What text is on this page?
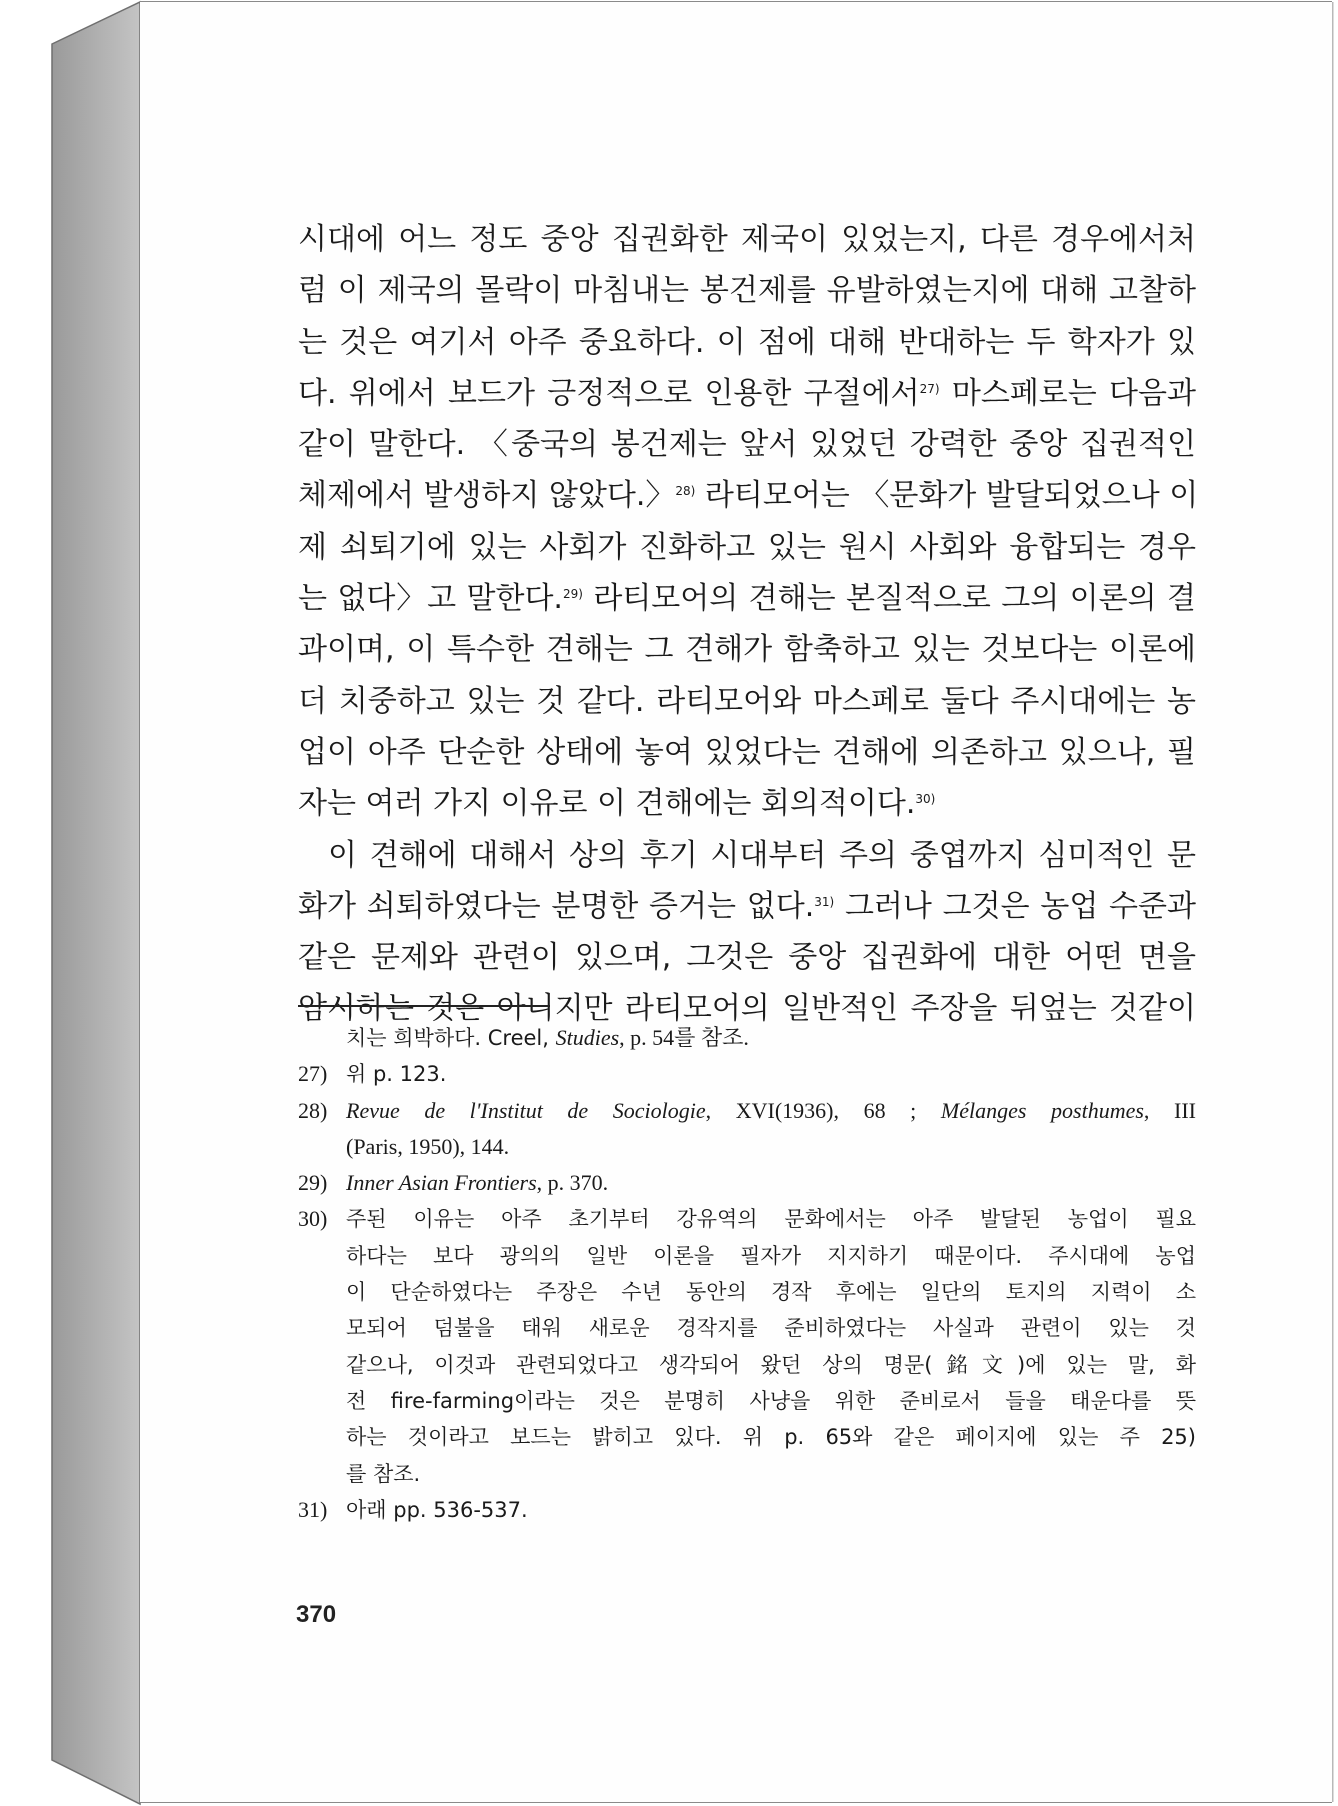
시대에 어느 정도 중앙 집권화한 제국이 있었는지, 다른 경우에서처
럼 이 제국의 몰락이 마침내는 봉건제를 유발하였는지에 대해 고찰하
는 것은 여기서 아주 중요하다. 이 점에 대해 반대하는 두 학자가 있
다. 위에서 보드가 긍정적으로 인용한 구절에서$^{27)}$ 마스페로는 다음과
같이 말한다. 〈중국의 봉건제는 앞서 있었던 강력한 중앙 집권적인
체제에서 발생하지 않았다.〉$^{28)}$ 라티모어는 〈문화가 발달되었으나 이
제 쇠퇴기에 있는 사회가 진화하고 있는 원시 사회와 융합되는 경우
는 없다〉고 말한다.$^{29)}$ 라티모어의 견해는 본질적으로 그의 이론의 결
과이며, 이 특수한 견해는 그 견해가 함축하고 있는 것보다는 이론에
더 치중하고 있는 것 같다. 라티모어와 마스페로 둘다 주시대에는 농
업이 아주 단순한 상태에 놓여 있었다는 견해에 의존하고 있으나, 필
자는 여러 가지 이유로 이 견해에는 회의적이다.$^{30)}$
이 견해에 대해서 상의 후기 시대부터 주의 중엽까지 심미적인 문
화가 쇠퇴하였다는 분명한 증거는 없다.$^{31)}$ 그러나 그것은 농업 수준과
같은 문제와 관련이 있으며, 그것은 중앙 집권화에 대한 어떤 면을
암시하는 것은 아니지만 라티모어의 일반적인 주장을 뒤엎는 것같이
치는 희박하다. Creel, Studies, p. 54를 참조.
27) 위 p. 123.
28) Revue de l'Institut de Sociologie, XVI(1936), 68 ; Mélanges posthumes, III
(Paris, 1950), 144.
29) Inner Asian Frontiers, p. 370.
30) 주된 이유는 아주 초기부터 강유역의 문화에서는 아주 발달된 농업이 필요
하다는 보다 광의의 일반 이론을 필자가 지지하기 때문이다. 주시대에 농업
이 단순하였다는 주장은 수년 동안의 경작 후에는 일단의 토지의 지력이 소
모되어 덤불을 태워 새로운 경작지를 준비하였다는 사실과 관련이 있는 것
같으나, 이것과 관련되었다고 생각되어 왔던 상의 명문(銘文)에 있는 말, 화
전 fire-farming이라는 것은 분명히 사냥을 위한 준비로서 들을 태운다를 뜻
하는 것이라고 보드는 밝히고 있다. 위 p. 65와 같은 페이지에 있는 주 25)
를 참조.
31) 아래 pp. 536-537.
370
